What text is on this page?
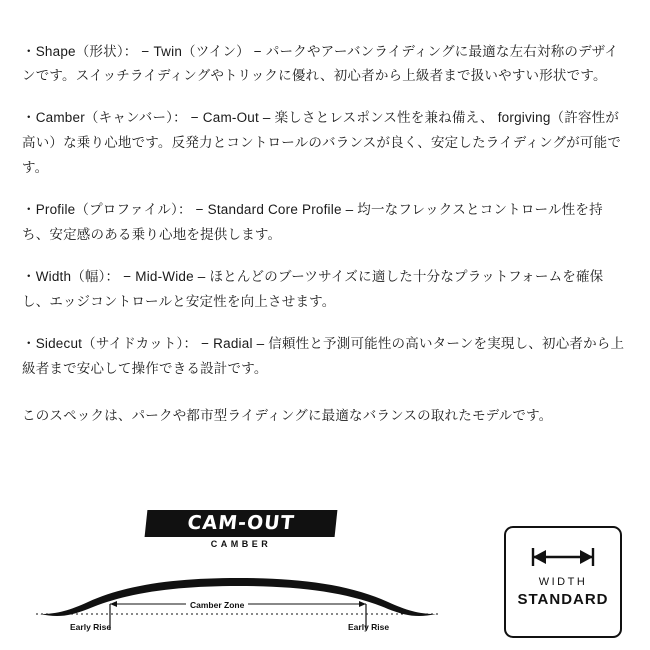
・Shape（形状）： − Twin（ツイン） − パークやアーバンライディングに最適な左右対称のデザインです。スイッチライディングやトリックに優れ、初心者から上級者まで扱いやすい形状です。

・Camber（キャンバー）： − Cam-Out – 楽しさとレスポンス性を兼ね備え、 forgiving（許容性が高い）な乗り心地です。反発力とコントロールのバランスが良く、安定したライディングが可能です。

・Profile（プロファイル）： − Standard Core Profile – 均一なフレックスとコントロール性を持ち、安定感のある乗り心地を提供します。

・Width（幅）： − Mid-Wide – ほとんどのブーツサイズに適した十分なプラットフォームを確保し、エッジコントロールと安定性を向上させます。

・Sidecut（サイドカット）： − Radial – 信頼性と予測可能性の高いターンを実現し、初心者から上級者まで安心して操作できる設計です。

このスペックは、パークや都市型ライディングに最適なバランスの取れたモデルです。

CAM-OUT
CAMBER
Camber Zone
Early Rise	Early Rise
WIDTH
STANDARD
